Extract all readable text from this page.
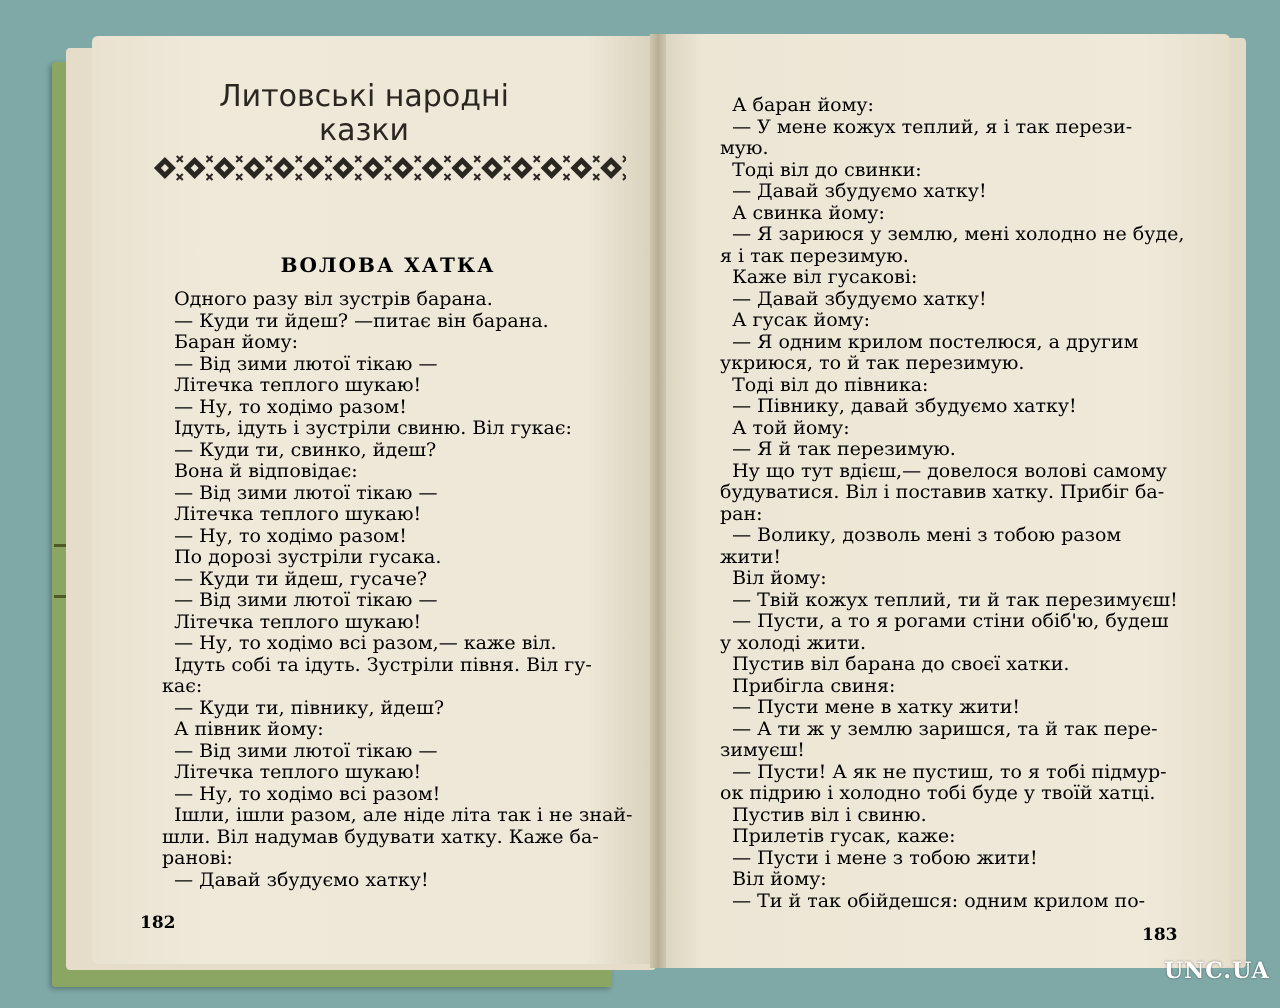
Литовські народні
казки
ВОЛОВА ХАТКА
Одного разу віл зустрів барана.
— Куди ти йдеш? —питає він барана.
Баран йому:
— Від зими лютої тікаю —
Літечка теплого шукаю!
— Ну, то ходімо разом!
Ідуть, ідуть і зустріли свиню. Віл гукає:
— Куди ти, свинко, йдеш?
Вона й відповідає:
— Від зими лютої тікаю —
Літечка теплого шукаю!
— Ну, то ходімо разом!
По дорозі зустріли гусака.
— Куди ти йдеш, гусаче?
— Від зими лютої тікаю —
Літечка теплого шукаю!
— Ну, то ходімо всі разом,— каже віл.
Ідуть собі та ідуть. Зустріли півня. Віл гу-
кає:
— Куди ти, півнику, йдеш?
А півник йому:
— Від зими лютої тікаю —
Літечка теплого шукаю!
— Ну, то ходімо всі разом!
Ішли, ішли разом, але ніде літа так і не знай-
шли. Віл надумав будувати хатку. Каже ба-
ранові:
— Давай збудуємо хатку!
А баран йому:
— У мене кожух теплий, я і так перези-
мую.
Тоді віл до свинки:
— Давай збудуємо хатку!
А свинка йому:
— Я зариюся у землю, мені холодно не буде,
я і так перезимую.
Каже віл гусакові:
— Давай збудуємо хатку!
А гусак йому:
— Я одним крилом постелюся, а другим
укриюся, то й так перезимую.
Тоді віл до півника:
— Півнику, давай збудуємо хатку!
А той йому:
— Я й так перезимую.
Ну що тут вдієш,— довелося волові самому
будуватися. Віл і поставив хатку. Прибіг ба-
ран:
— Волику, дозволь мені з тобою разом
жити!
Віл йому:
— Твій кожух теплий, ти й так перезимуєш!
— Пусти, а то я рогами стіни обіб'ю, будеш
у холоді жити.
Пустив віл барана до своєї хатки.
Прибігла свиня:
— Пусти мене в хатку жити!
— А ти ж у землю заришся, та й так пере-
зимуєш!
— Пусти! А як не пустиш, то я тобі підмур-
ок підрию і холодно тобі буде у твоїй хатці.
Пустив віл і свиню.
Прилетів гусак, каже:
— Пусти і мене з тобою жити!
Віл йому:
— Ти й так обійдешся: одним крилом по-
182
183
UNC.UA
